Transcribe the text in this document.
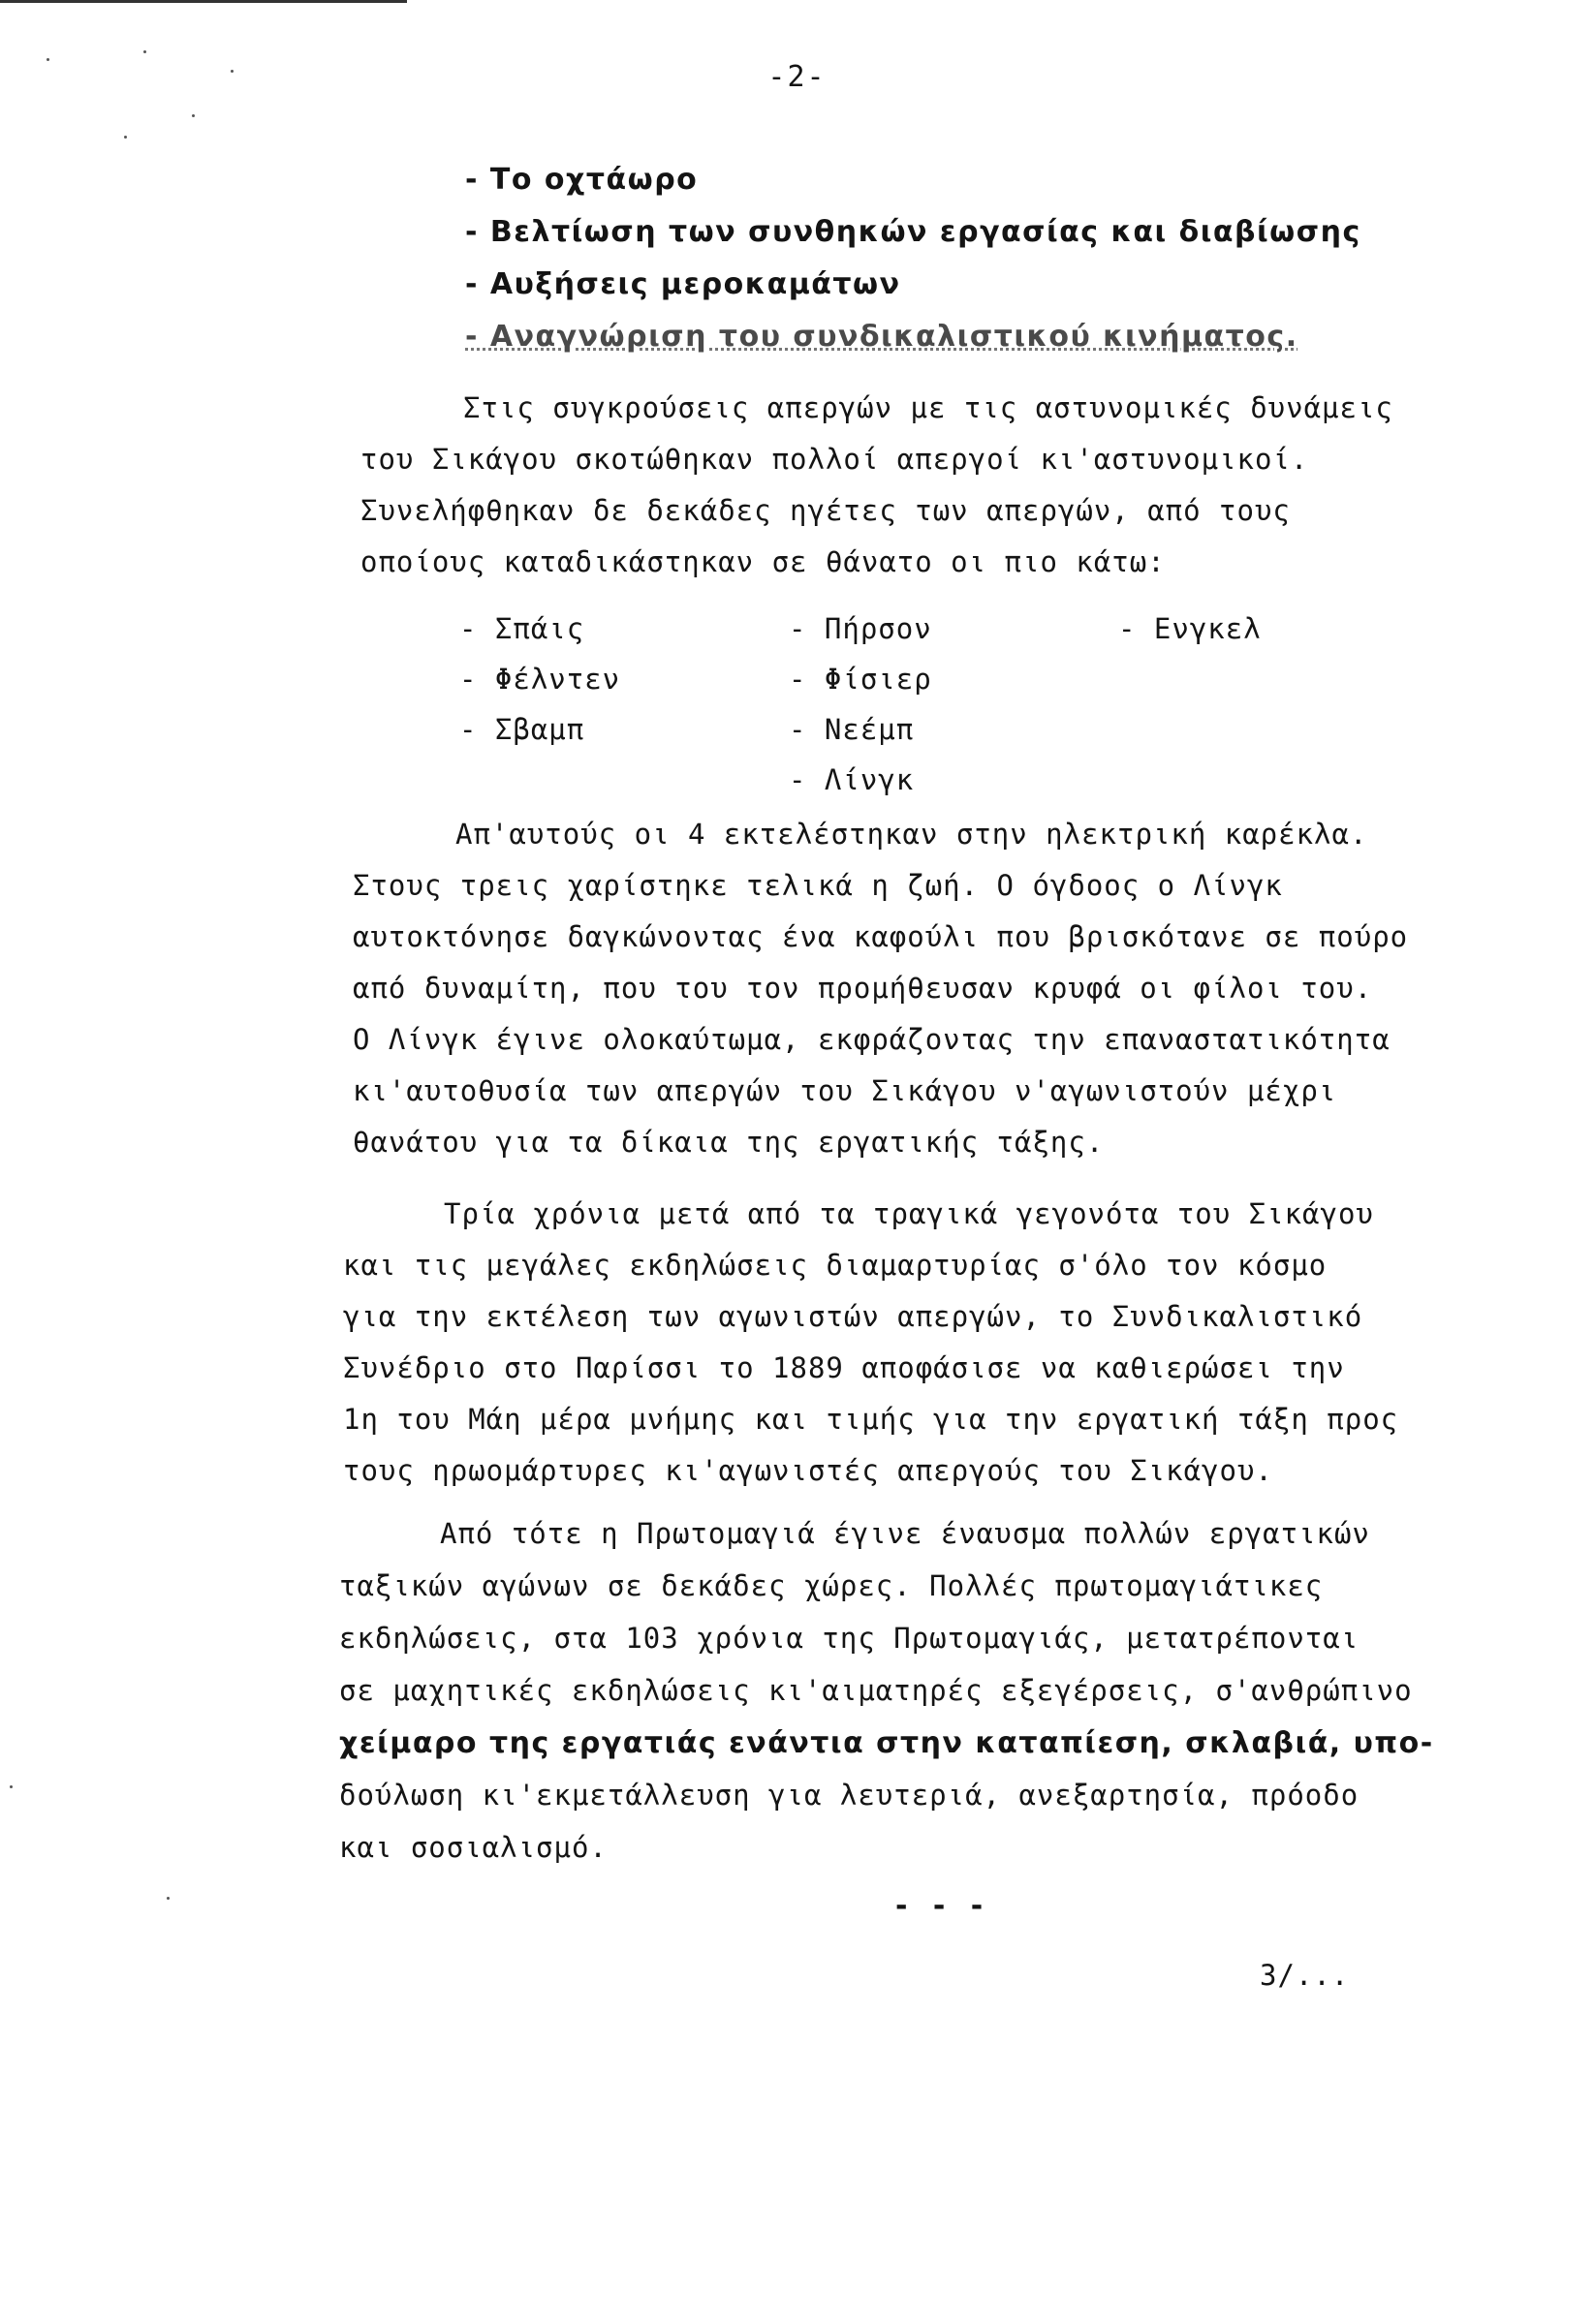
-2-
- Το οχτάωρο
- Βελτίωση των συνθηκών εργασίας και διαβίωσης
- Αυξήσεις μεροκαμάτων
- Αναγνώριση του συνδικαλιστικού κινήματος.
Στις συγκρούσεις απεργών με τις αστυνομικές δυνάμεις
του Σικάγου σκοτώθηκαν πολλοί απεργοί κι'αστυνομικοί.
Συνελήφθηκαν δε δεκάδες ηγέτες των απεργών, από τους
οποίους καταδικάστηκαν σε θάνατο οι πιο κάτω:
- Σπάις
- Φέλντεν
- Σβαμπ
- Πήρσον
- Φίσιερ
- Νεέμπ
- Λίνγκ
- Ενγκελ
Απ'αυτούς οι 4 εκτελέστηκαν στην ηλεκτρική καρέκλα.
Στους τρεις χαρίστηκε τελικά η ζωή. Ο όγδοος ο Λίνγκ
αυτοκτόνησε δαγκώνοντας ένα καφούλι που βρισκότανε σε πούρο
από δυναμίτη, που του τον προμήθευσαν κρυφά οι φίλοι του.
Ο Λίνγκ έγινε ολοκαύτωμα, εκφράζοντας την επαναστατικότητα
κι'αυτοθυσία των απεργών του Σικάγου ν'αγωνιστούν μέχρι
θανάτου για τα δίκαια της εργατικής τάξης.
Τρία χρόνια μετά από τα τραγικά γεγονότα του Σικάγου
και τις μεγάλες εκδηλώσεις διαμαρτυρίας σ'όλο τον κόσμο
για την εκτέλεση των αγωνιστών απεργών, το Συνδικαλιστικό
Συνέδριο στο Παρίσσι το 1889 αποφάσισε να καθιερώσει την
1η του Μάη μέρα μνήμης και τιμής για την εργατική τάξη προς
τους ηρωομάρτυρες κι'αγωνιστές απεργούς του Σικάγου.
Από τότε η Πρωτομαγιά έγινε έναυσμα πολλών εργατικών
ταξικών αγώνων σε δεκάδες χώρες. Πολλές πρωτομαγιάτικες
εκδηλώσεις, στα 103 χρόνια της Πρωτομαγιάς, μετατρέπονται
σε μαχητικές εκδηλώσεις κι'αιματηρές εξεγέρσεις, σ'ανθρώπινο
χείμαρο της εργατιάς ενάντια στην καταπίεση, σκλαβιά, υπο-
δούλωση κι'εκμετάλλευση για λευτεριά, ανεξαρτησία, πρόοδο
και σοσιαλισμό.
- - -
3/...
